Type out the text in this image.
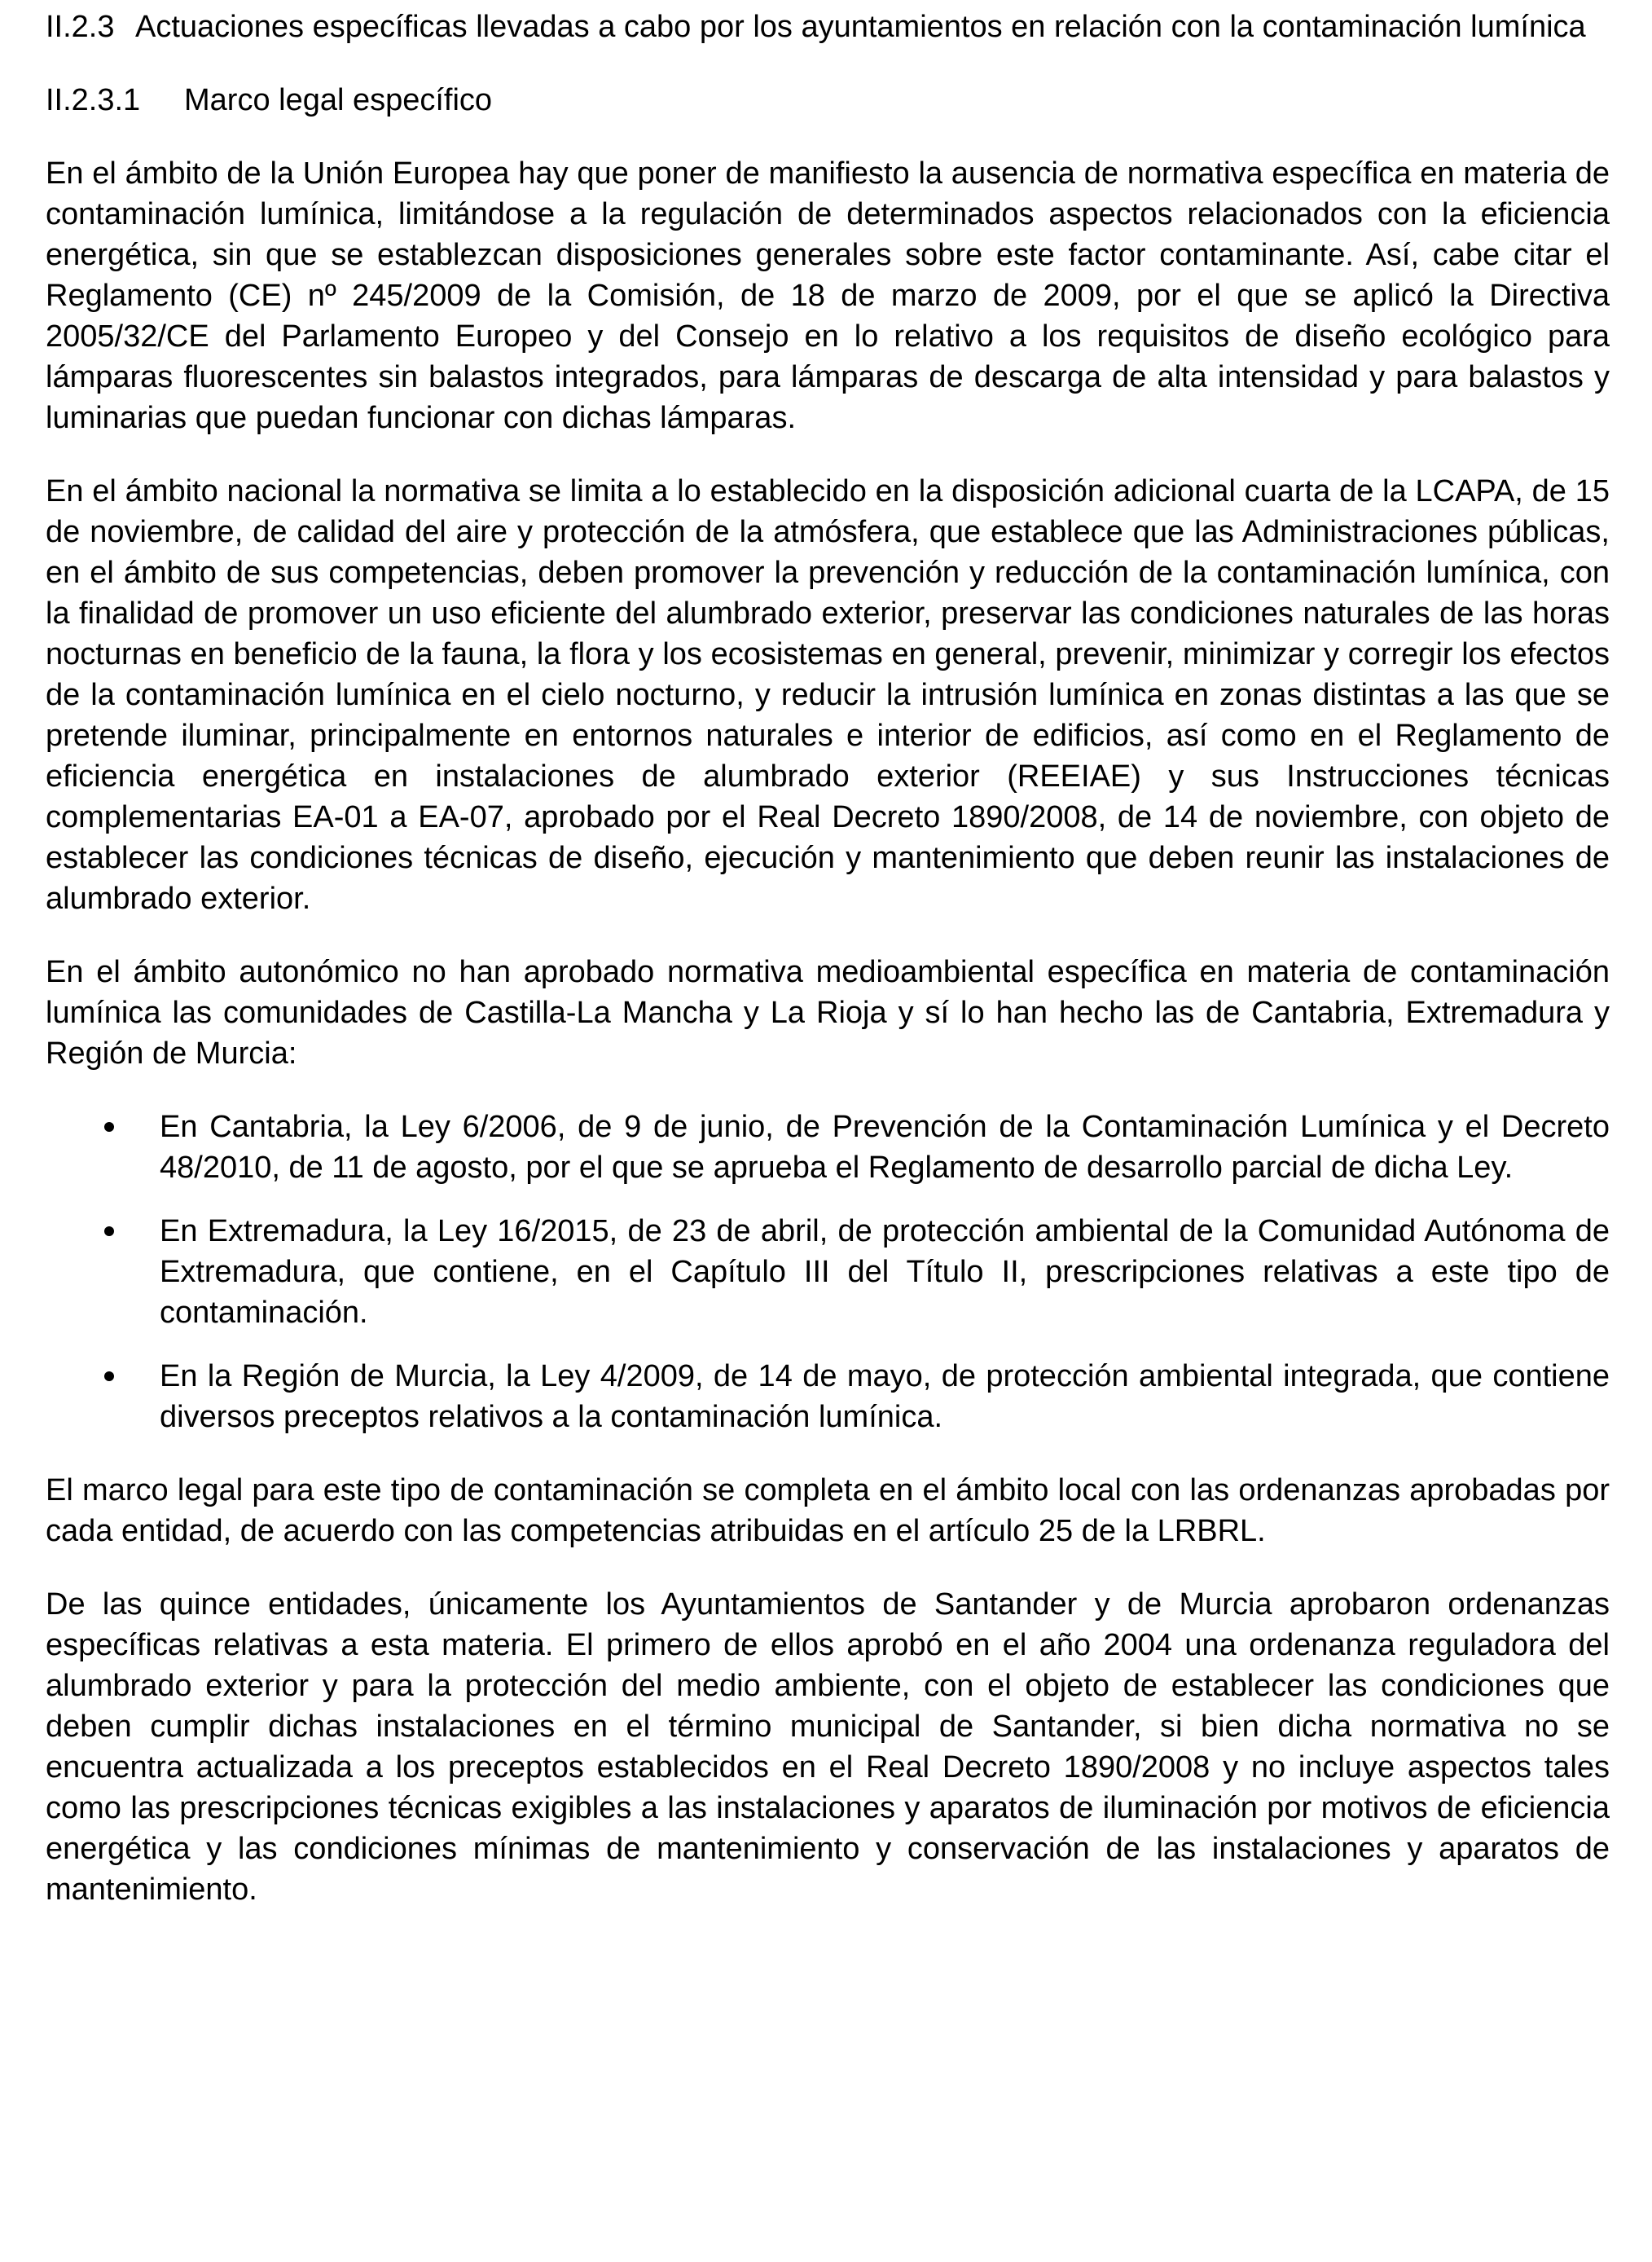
II.2.3 Actuaciones específicas llevadas a cabo por los ayuntamientos en relación con la contaminación lumínica
II.2.3.1 Marco legal específico

En el ámbito de la Unión Europea hay que poner de manifiesto la ausencia de normativa específica en materia de contaminación lumínica, limitándose a la regulación de determinados aspectos relacionados con la eficiencia energética, sin que se establezcan disposiciones generales sobre este factor contaminante. Así, cabe citar el Reglamento (CE) nº 245/2009 de la Comisión, de 18 de marzo de 2009, por el que se aplicó la Directiva 2005/32/CE del Parlamento Europeo y del Consejo en lo relativo a los requisitos de diseño ecológico para lámparas fluorescentes sin balastos integrados, para lámparas de descarga de alta intensidad y para balastos y luminarias que puedan funcionar con dichas lámparas.

En el ámbito nacional la normativa se limita a lo establecido en la disposición adicional cuarta de la LCAPA, de 15 de noviembre, de calidad del aire y protección de la atmósfera, que establece que las Administraciones públicas, en el ámbito de sus competencias, deben promover la prevención y reducción de la contaminación lumínica, con la finalidad de promover un uso eficiente del alumbrado exterior, preservar las condiciones naturales de las horas nocturnas en beneficio de la fauna, la flora y los ecosistemas en general, prevenir, minimizar y corregir los efectos de la contaminación lumínica en el cielo nocturno, y reducir la intrusión lumínica en zonas distintas a las que se pretende iluminar, principalmente en entornos naturales e interior de edificios, así como en el Reglamento de eficiencia energética en instalaciones de alumbrado exterior (REEIAE) y sus Instrucciones técnicas complementarias EA-01 a EA-07, aprobado por el Real Decreto 1890/2008, de 14 de noviembre, con objeto de establecer las condiciones técnicas de diseño, ejecución y mantenimiento que deben reunir las instalaciones de alumbrado exterior.

En el ámbito autonómico no han aprobado normativa medioambiental específica en materia de contaminación lumínica las comunidades de Castilla-La Mancha y La Rioja y sí lo han hecho las de Cantabria, Extremadura y Región de Murcia:

En Cantabria, la Ley 6/2006, de 9 de junio, de Prevención de la Contaminación Lumínica y el Decreto 48/2010, de 11 de agosto, por el que se aprueba el Reglamento de desarrollo parcial de dicha Ley.
En Extremadura, la Ley 16/2015, de 23 de abril, de protección ambiental de la Comunidad Autónoma de Extremadura, que contiene, en el Capítulo III del Título II, prescripciones relativas a este tipo de contaminación.
En la Región de Murcia, la Ley 4/2009, de 14 de mayo, de protección ambiental integrada, que contiene diversos preceptos relativos a la contaminación lumínica.

El marco legal para este tipo de contaminación se completa en el ámbito local con las ordenanzas aprobadas por cada entidad, de acuerdo con las competencias atribuidas en el artículo 25 de la LRBRL.

De las quince entidades, únicamente los Ayuntamientos de Santander y de Murcia aprobaron ordenanzas específicas relativas a esta materia. El primero de ellos aprobó en el año 2004 una ordenanza reguladora del alumbrado exterior y para la protección del medio ambiente, con el objeto de establecer las condiciones que deben cumplir dichas instalaciones en el término municipal de Santander, si bien dicha normativa no se encuentra actualizada a los preceptos establecidos en el Real Decreto 1890/2008 y no incluye aspectos tales como las prescripciones técnicas exigibles a las instalaciones y aparatos de iluminación por motivos de eficiencia energética y las condiciones mínimas de mantenimiento y conservación de las instalaciones y aparatos de mantenimiento.
